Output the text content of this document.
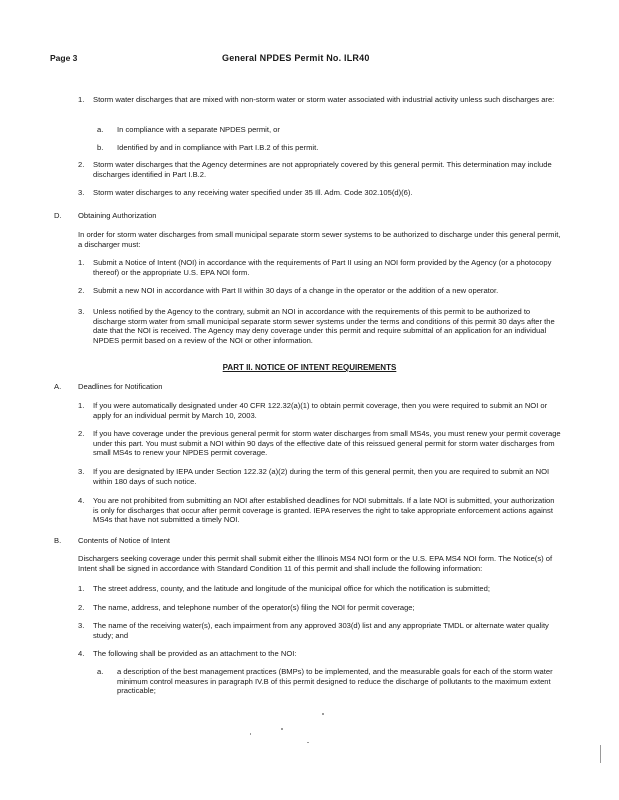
Page 3	General NPDES Permit No. ILR40
1. Storm water discharges that are mixed with non-storm water or storm water associated with industrial activity unless such discharges are:
a. In compliance with a separate NPDES permit, or
b. Identified by and in compliance with Part I.B.2 of this permit.
2. Storm water discharges that the Agency determines are not appropriately covered by this general permit. This determination may include discharges identified in Part I.B.2.
3. Storm water discharges to any receiving water specified under 35 Ill. Adm. Code 302.105(d)(6).
D. Obtaining Authorization
In order for storm water discharges from small municipal separate storm sewer systems to be authorized to discharge under this general permit, a discharger must:
1. Submit a Notice of Intent (NOI) in accordance with the requirements of Part II using an NOI form provided by the Agency (or a photocopy thereof) or the appropriate U.S. EPA NOI form.
2. Submit a new NOI in accordance with Part II within 30 days of a change in the operator or the addition of a new operator.
3. Unless notified by the Agency to the contrary, submit an NOI in accordance with the requirements of this permit to be authorized to discharge storm water from small municipal separate storm sewer systems under the terms and conditions of this permit 30 days after the date that the NOI is received. The Agency may deny coverage under this permit and require submittal of an application for an individual NPDES permit based on a review of the NOI or other information.
PART II. NOTICE OF INTENT REQUIREMENTS
A. Deadlines for Notification
1. If you were automatically designated under 40 CFR 122.32(a)(1) to obtain permit coverage, then you were required to submit an NOI or apply for an individual permit by March 10, 2003.
2. If you have coverage under the previous general permit for storm water discharges from small MS4s, you must renew your permit coverage under this part. You must submit a NOI within 90 days of the effective date of this reissued general permit for storm water discharges from small MS4s to renew your NPDES permit coverage.
3. If you are designated by IEPA under Section 122.32 (a)(2) during the term of this general permit, then you are required to submit an NOI within 180 days of such notice.
4. You are not prohibited from submitting an NOI after established deadlines for NOI submittals. If a late NOI is submitted, your authorization is only for discharges that occur after permit coverage is granted. IEPA reserves the right to take appropriate enforcement actions against MS4s that have not submitted a timely NOI.
B. Contents of Notice of Intent
Dischargers seeking coverage under this permit shall submit either the Illinois MS4 NOI form or the U.S. EPA MS4 NOI form. The Notice(s) of Intent shall be signed in accordance with Standard Condition 11 of this permit and shall include the following information:
1. The street address, county, and the latitude and longitude of the municipal office for which the notification is submitted;
2. The name, address, and telephone number of the operator(s) filing the NOI for permit coverage;
3. The name of the receiving water(s), each impairment from any approved 303(d) list and any appropriate TMDL or alternate water quality study; and
4. The following shall be provided as an attachment to the NOI:
a. a description of the best management practices (BMPs) to be implemented, and the measurable goals for each of the storm water minimum control measures in paragraph IV.B of this permit designed to reduce the discharge of pollutants to the maximum extent practicable;
